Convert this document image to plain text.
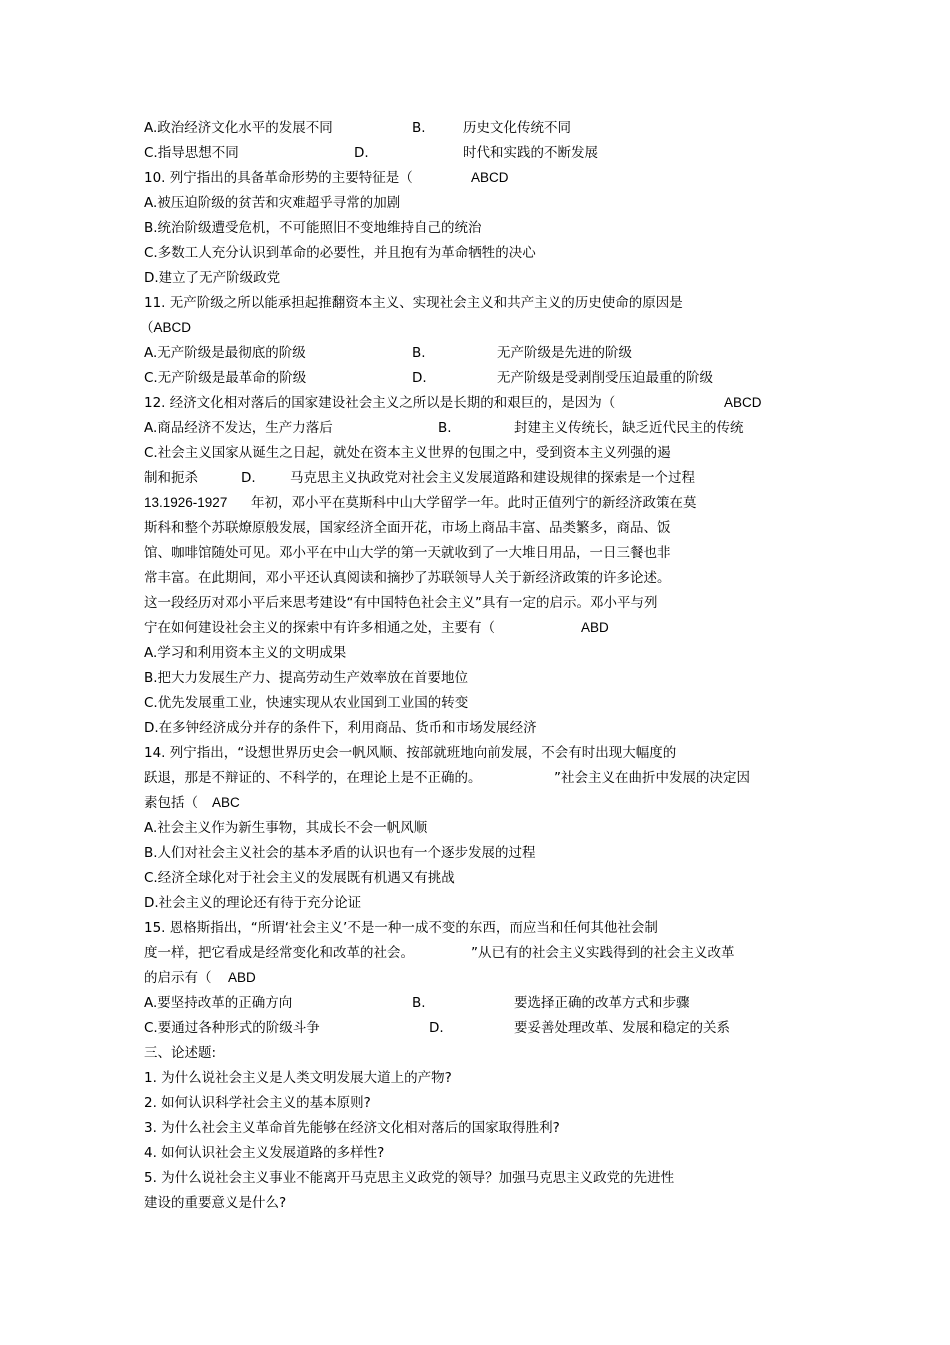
A.政治经济文化水平的发展不同	B.	历史文化传统不同
C.指导思想不同	D.	时代和实践的不断发展
10. 列宁指出的具备革命形势的主要特征是（	ABCD
A.被压迫阶级的贫苦和灾难超乎寻常的加剧
B.统治阶级遭受危机，不可能照旧不变地维持自己的统治
C.多数工人充分认识到革命的必要性，并且抱有为革命牺牲的决心
D.建立了无产阶级政党
11. 无产阶级之所以能承担起推翻资本主义、实现社会主义和共产主义的历史使命的原因是
（ABCD
A.无产阶级是最彻底的阶级	B.	无产阶级是先进的阶级
C.无产阶级是最革命的阶级	D.	无产阶级是受剥削受压迫最重的阶级
12. 经济文化相对落后的国家建设社会主义之所以是长期的和艰巨的，是因为（	ABCD
A.商品经济不发达，生产力落后	B.	封建主义传统长，缺乏近代民主的传统
C.社会主义国家从诞生之日起，就处在资本主义世界的包围之中，受到资本主义列强的遏
制和扼杀	D.	马克思主义执政党对社会主义发展道路和建设规律的探索是一个过程
13.1926-1927 年初，邓小平在莫斯科中山大学留学一年。此时正值列宁的新经济政策在莫
斯科和整个苏联燎原般发展，国家经济全面开花，市场上商品丰富、品类繁多，商品、饭
馆、咖啡馆随处可见。邓小平在中山大学的第一天就收到了一大堆日用品，一日三餐也非
常丰富。在此期间，邓小平还认真阅读和摘抄了苏联领导人关于新经济政策的许多论述。
这一段经历对邓小平后来思考建设“有中国特色社会主义”具有一定的启示。邓小平与列
宁在如何建设社会主义的探索中有许多相通之处，主要有（	ABD
A.学习和利用资本主义的文明成果
B.把大力发展生产力、提高劳动生产效率放在首要地位
C.优先发展重工业，快速实现从农业国到工业国的转变
D.在多钟经济成分并存的条件下，利用商品、货币和市场发展经济
14. 列宁指出，“设想世界历史会一帆风顺、按部就班地向前发展，不会有时出现大幅度的
跃退，那是不辩证的、不科学的，在理论上是不正确的。	”社会主义在曲折中发展的决定因
素包括（ ABC
A.社会主义作为新生事物，其成长不会一帆风顺
B.人们对社会主义社会的基本矛盾的认识也有一个逐步发展的过程
C.经济全球化对于社会主义的发展既有机遇又有挑战
D.社会主义的理论还有待于充分论证
15. 恩格斯指出，“所谓‘社会主义’不是一种一成不变的东西，而应当和任何其他社会制
度一样，把它看成是经常变化和改革的社会。	”从已有的社会主义实践得到的社会主义改革
的启示有（ ABD
A.要坚持改革的正确方向	B.	要选择正确的改革方式和步骤
C.要通过各种形式的阶级斗争	D.	要妥善处理改革、发展和稳定的关系
三、论述题:
1. 为什么说社会主义是人类文明发展大道上的产物?
2. 如何认识科学社会主义的基本原则?
3. 为什么社会主义革命首先能够在经济文化相对落后的国家取得胜利?
4. 如何认识社会主义发展道路的多样性?
5. 为什么说社会主义事业不能离开马克思主义政党的领导？加强马克思主义政党的先进性
建设的重要意义是什么?
